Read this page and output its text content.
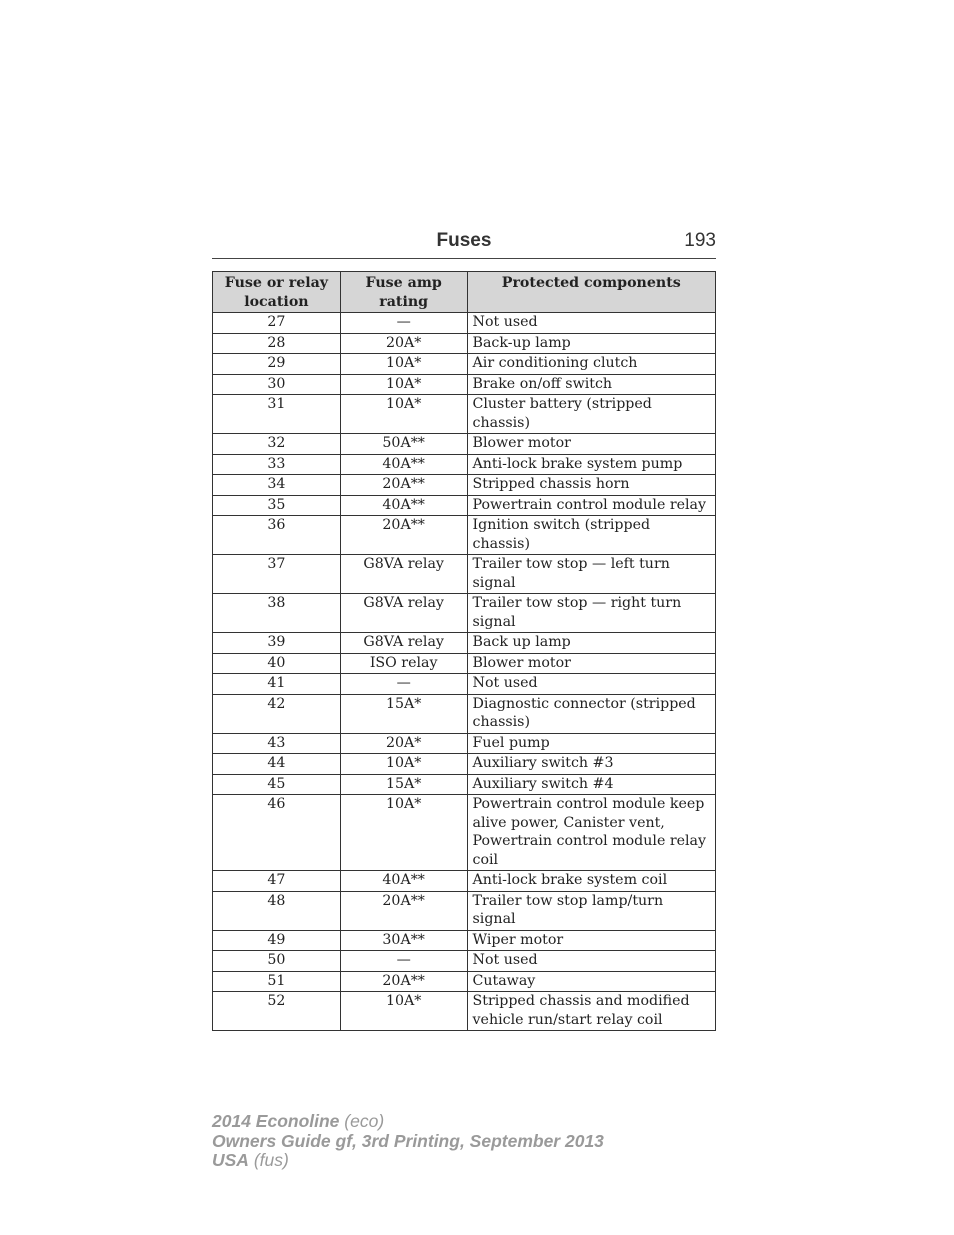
Fuses	193
Fuse or relay location	Fuse amp rating	Protected components
27	—	Not used
28	20A*	Back-up lamp
29	10A*	Air conditioning clutch
30	10A*	Brake on/off switch
31	10A*	Cluster battery (stripped chassis)
32	50A**	Blower motor
33	40A**	Anti-lock brake system pump
34	20A**	Stripped chassis horn
35	40A**	Powertrain control module relay
36	20A**	Ignition switch (stripped chassis)
37	G8VA relay	Trailer tow stop — left turn signal
38	G8VA relay	Trailer tow stop — right turn signal
39	G8VA relay	Back up lamp
40	ISO relay	Blower motor
41	—	Not used
42	15A*	Diagnostic connector (stripped chassis)
43	20A*	Fuel pump
44	10A*	Auxiliary switch #3
45	15A*	Auxiliary switch #4
46	10A*	Powertrain control module keep alive power, Canister vent, Powertrain control module relay coil
47	40A**	Anti-lock brake system coil
48	20A**	Trailer tow stop lamp/turn signal
49	30A**	Wiper motor
50	—	Not used
51	20A**	Cutaway
52	10A*	Stripped chassis and modified vehicle run/start relay coil
2014 Econoline (eco)
Owners Guide gf, 3rd Printing, September 2013
USA (fus)
